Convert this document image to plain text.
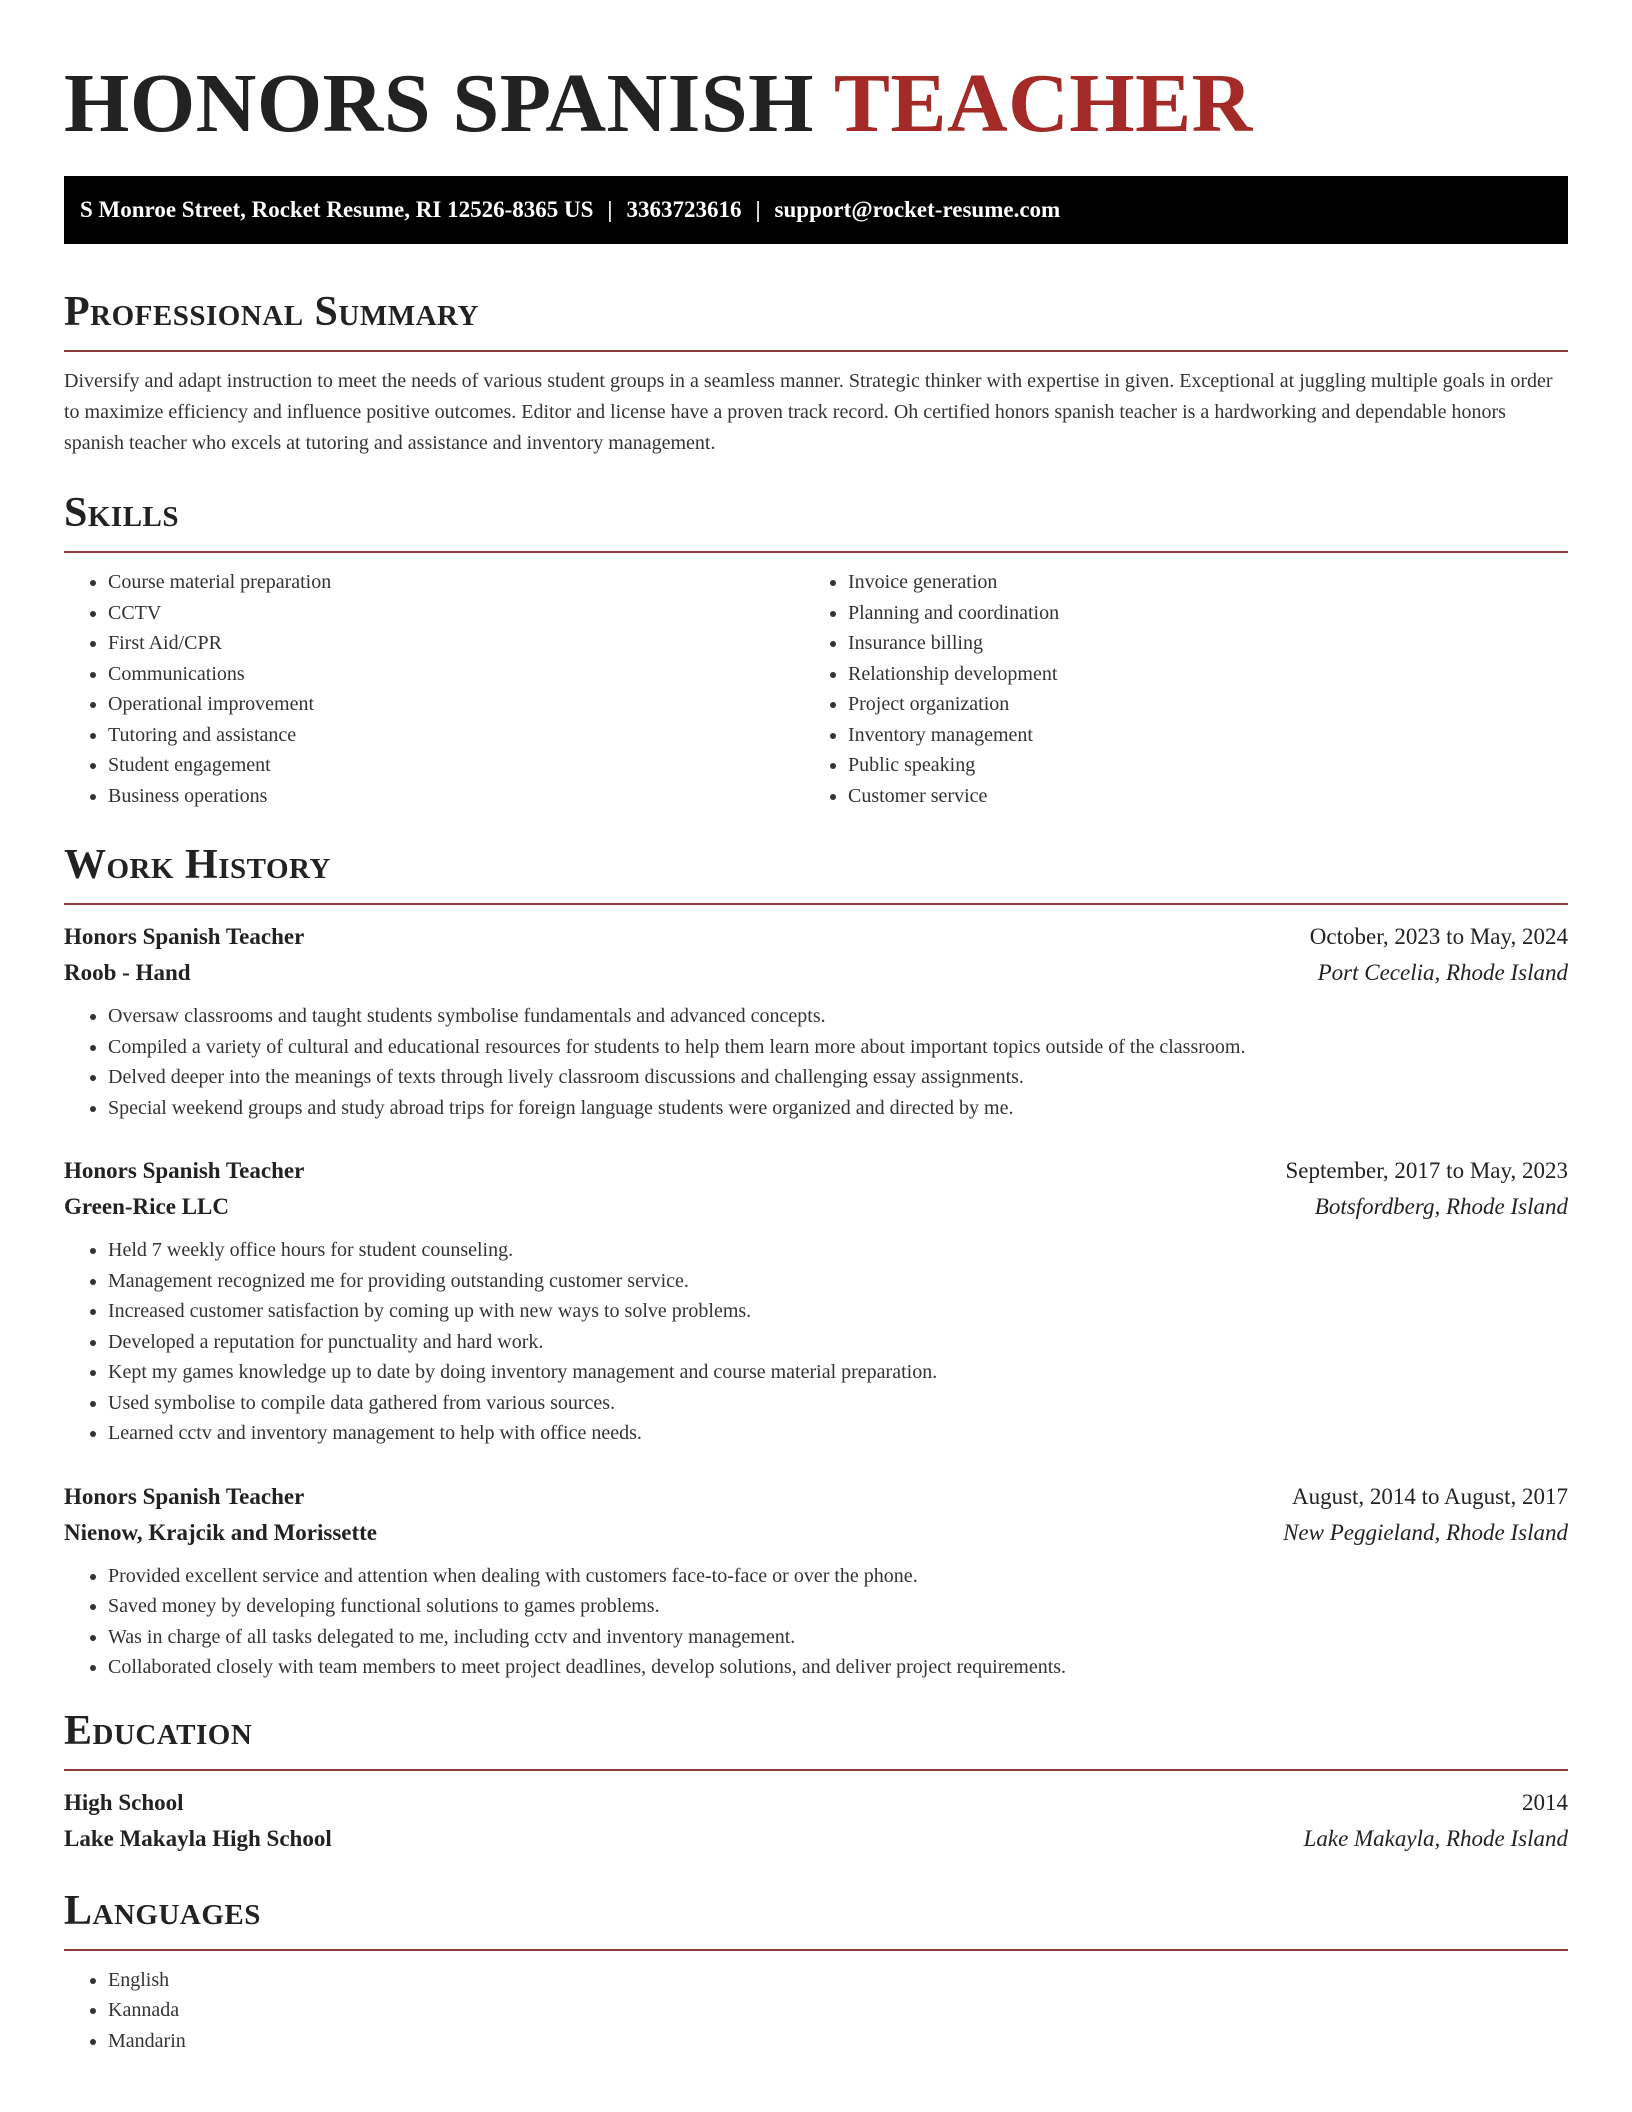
HONORS SPANISH TEACHER
S Monroe Street, Rocket Resume, RI 12526-8365 US | 3363723616 | support@rocket-resume.com
Professional Summary

Diversify and adapt instruction to meet the needs of various student groups in a seamless manner. Strategic thinker with expertise in given. Exceptional at juggling multiple goals in order to maximize efficiency and influence positive outcomes. Editor and license have a proven track record. Oh certified honors spanish teacher is a hardworking and dependable honors spanish teacher who excels at tutoring and assistance and inventory management.

Skills
• Course material preparation
• CCTV
• First Aid/CPR
• Communications
• Operational improvement
• Tutoring and assistance
• Student engagement
• Business operations
• Invoice generation
• Planning and coordination
• Insurance billing
• Relationship development
• Project organization
• Inventory management
• Public speaking
• Customer service
Work History
Honors Spanish Teacher	October, 2023 to May, 2024
Roob - Hand	Port Cecelia, Rhode Island
• Oversaw classrooms and taught students symbolise fundamentals and advanced concepts.
• Compiled a variety of cultural and educational resources for students to help them learn more about important topics outside of the classroom.
• Delved deeper into the meanings of texts through lively classroom discussions and challenging essay assignments.
• Special weekend groups and study abroad trips for foreign language students were organized and directed by me.
Honors Spanish Teacher	September, 2017 to May, 2023
Green-Rice LLC	Botsfordberg, Rhode Island
• Held 7 weekly office hours for student counseling.
• Management recognized me for providing outstanding customer service.
• Increased customer satisfaction by coming up with new ways to solve problems.
• Developed a reputation for punctuality and hard work.
• Kept my games knowledge up to date by doing inventory management and course material preparation.
• Used symbolise to compile data gathered from various sources.
• Learned cctv and inventory management to help with office needs.
Honors Spanish Teacher	August, 2014 to August, 2017
Nienow, Krajcik and Morissette	New Peggieland, Rhode Island
• Provided excellent service and attention when dealing with customers face-to-face or over the phone.
• Saved money by developing functional solutions to games problems.
• Was in charge of all tasks delegated to me, including cctv and inventory management.
• Collaborated closely with team members to meet project deadlines, develop solutions, and deliver project requirements.
Education
High School	2014
Lake Makayla High School	Lake Makayla, Rhode Island
Languages
• English
• Kannada
• Mandarin
